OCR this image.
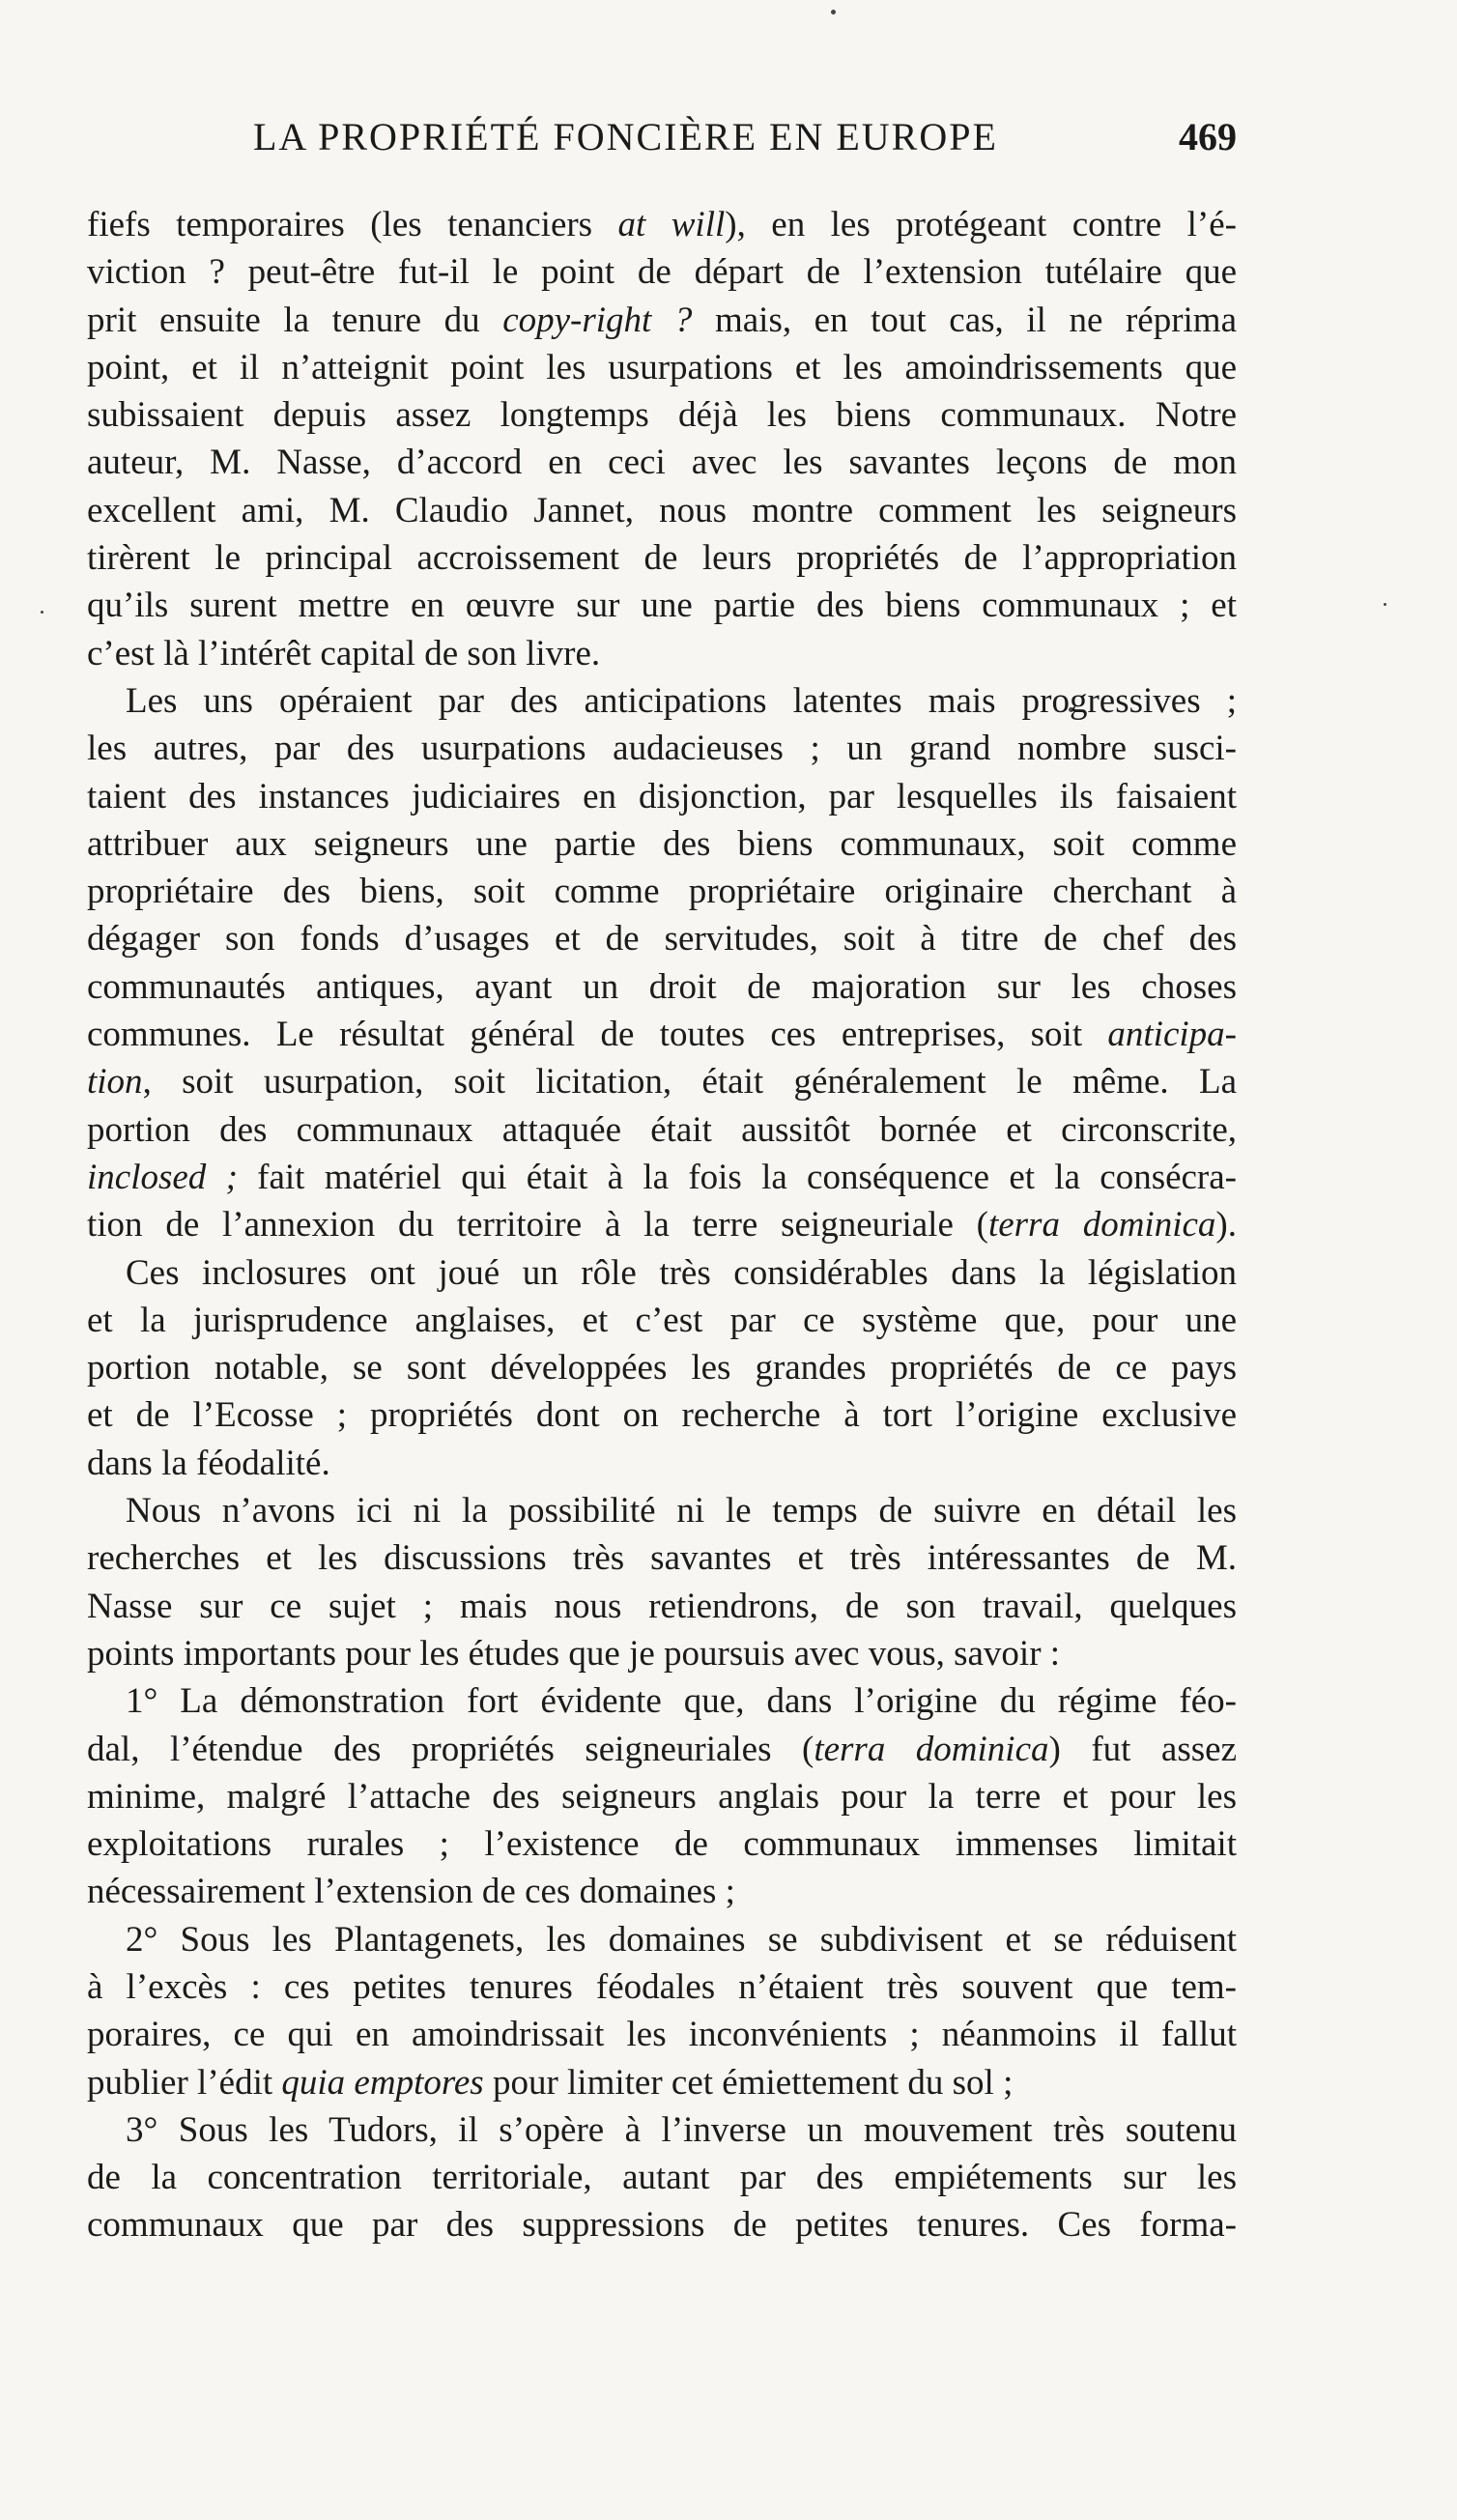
LA PROPRIÉTÉ FONCIÈRE EN EUROPE	469
fiefs temporaires (les tenanciers at will), en les protégeant contre l’é-
viction ? peut-être fut-il le point de départ de l’extension tutélaire que
prit ensuite la tenure du copy-right ? mais, en tout cas, il ne réprima
point, et il n’atteignit point les usurpations et les amoindrissements que
subissaient depuis assez longtemps déjà les biens communaux. Notre
auteur, M. Nasse, d’accord en ceci avec les savantes leçons de mon
excellent ami, M. Claudio Jannet, nous montre comment les seigneurs
tirèrent le principal accroissement de leurs propriétés de l’appropriation
qu’ils surent mettre en œuvre sur une partie des biens communaux ; et
c’est là l’intérêt capital de son livre.
Les uns opéraient par des anticipations latentes mais progressives ;
les autres, par des usurpations audacieuses ; un grand nombre susci-
taient des instances judiciaires en disjonction, par lesquelles ils faisaient
attribuer aux seigneurs une partie des biens communaux, soit comme
propriétaire des biens, soit comme propriétaire originaire cherchant à
dégager son fonds d’usages et de servitudes, soit à titre de chef des
communautés antiques, ayant un droit de majoration sur les choses
communes. Le résultat général de toutes ces entreprises, soit anticipa-
tion, soit usurpation, soit licitation, était généralement le même. La
portion des communaux attaquée était aussitôt bornée et circonscrite,
inclosed ; fait matériel qui était à la fois la conséquence et la consécra-
tion de l’annexion du territoire à la terre seigneuriale (terra dominica).
Ces inclosures ont joué un rôle très considérables dans la législation
et la jurisprudence anglaises, et c’est par ce système que, pour une
portion notable, se sont développées les grandes propriétés de ce pays
et de l’Ecosse ; propriétés dont on recherche à tort l’origine exclusive
dans la féodalité.
Nous n’avons ici ni la possibilité ni le temps de suivre en détail les
recherches et les discussions très savantes et très intéressantes de M.
Nasse sur ce sujet ; mais nous retiendrons, de son travail, quelques
points importants pour les études que je poursuis avec vous, savoir :
1° La démonstration fort évidente que, dans l’origine du régime féo-
dal, l’étendue des propriétés seigneuriales (terra dominica) fut assez
minime, malgré l’attache des seigneurs anglais pour la terre et pour les
exploitations rurales ; l’existence de communaux immenses limitait
nécessairement l’extension de ces domaines ;
2° Sous les Plantagenets, les domaines se subdivisent et se réduisent
à l’excès : ces petites tenures féodales n’étaient très souvent que tem-
poraires, ce qui en amoindrissait les inconvénients ; néanmoins il fallut
publier l’édit quia emptores pour limiter cet émiettement du sol ;
3° Sous les Tudors, il s’opère à l’inverse un mouvement très soutenu
de la concentration territoriale, autant par des empiétements sur les
communaux que par des suppressions de petites tenures. Ces forma-
